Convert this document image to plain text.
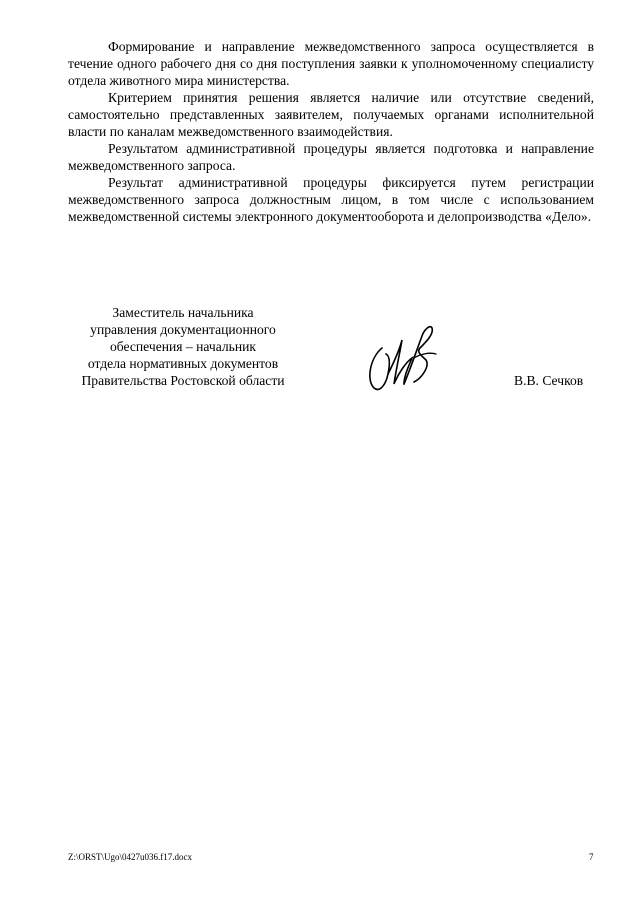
Формирование и направление межведомственного запроса осуществляется в течение одного рабочего дня со дня поступления заявки к уполномоченному специалисту отдела животного мира министерства.

Критерием принятия решения является наличие или отсутствие сведений, самостоятельно представленных заявителем, получаемых органами исполнительной власти по каналам межведомственного взаимодействия.

Результатом административной процедуры является подготовка и направление межведомственного запроса.

Результат административной процедуры фиксируется путем регистрации межведомственного запроса должностным лицом, в том числе с использованием межведомственной системы электронного документооборота и делопроизводства «Дело».

Заместитель начальника
управления документационного
обеспечения – начальник
отдела нормативных документов
Правительства Ростовской области	В.В. Сечков
Z:\ORST\Ugo\0427u036.f17.docx	7
